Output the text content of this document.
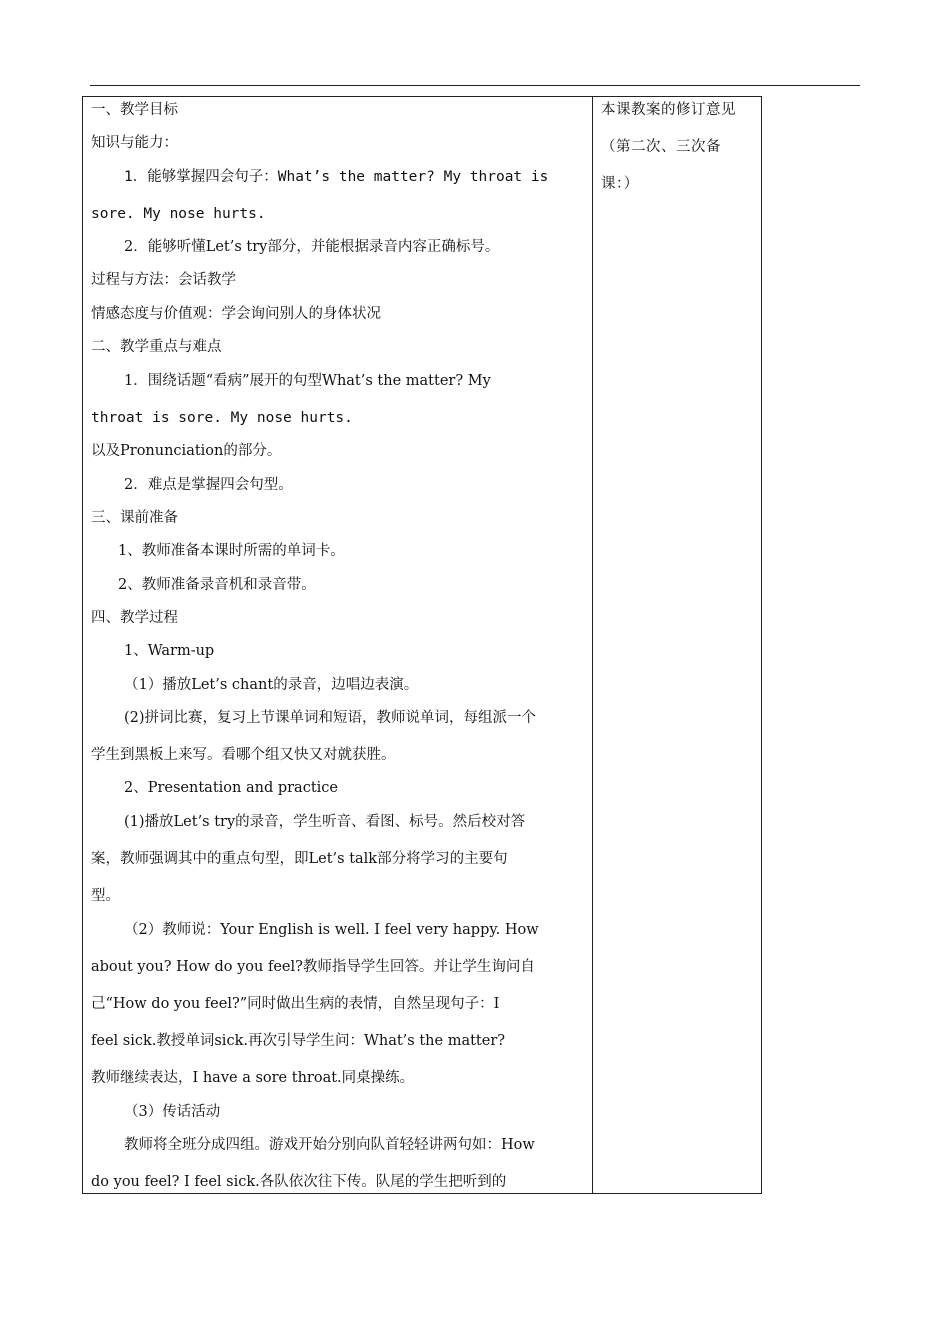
一、教学目标
知识与能力：
1．能够掌握四会句子：What’s the matter? My throat is
sore. My nose hurts.
2．能够听懂Let’s try部分，并能根据录音内容正确标号。
过程与方法：会话教学
情感态度与价值观：学会询问别人的身体状况
二、教学重点与难点
1．围绕话题“看病”展开的句型What’s the matter? My
throat is sore. My nose hurts.
以及Pronunciation的部分。
2．难点是掌握四会句型。
三、课前准备
1、教师准备本课时所需的单词卡。
2、教师准备录音机和录音带。
四、教学过程
1、Warm-up
（1）播放Let’s chant的录音，边唱边表演。
(2)拼词比赛，复习上节课单词和短语，教师说单词，每组派一个
学生到黑板上来写。看哪个组又快又对就获胜。
2、Presentation and practice
(1)播放Let’s try的录音，学生听音、看图、标号。然后校对答
案，教师强调其中的重点句型，即Let’s talk部分将学习的主要句
型。
（2）教师说：Your English is well. I feel very happy. How
about you? How do you feel?教师指导学生回答。并让学生询问自
己“How do you feel?”同时做出生病的表情，自然呈现句子：I
feel sick.教授单词sick.再次引导学生问：What’s the matter?
教师继续表达，I have a sore throat.同桌操练。
（3）传话活动
教师将全班分成四组。游戏开始分别向队首轻轻讲两句如：How
do you feel? I feel sick.各队依次往下传。队尾的学生把听到的
本课教案的修订意见
（第二次、三次备
课：）
